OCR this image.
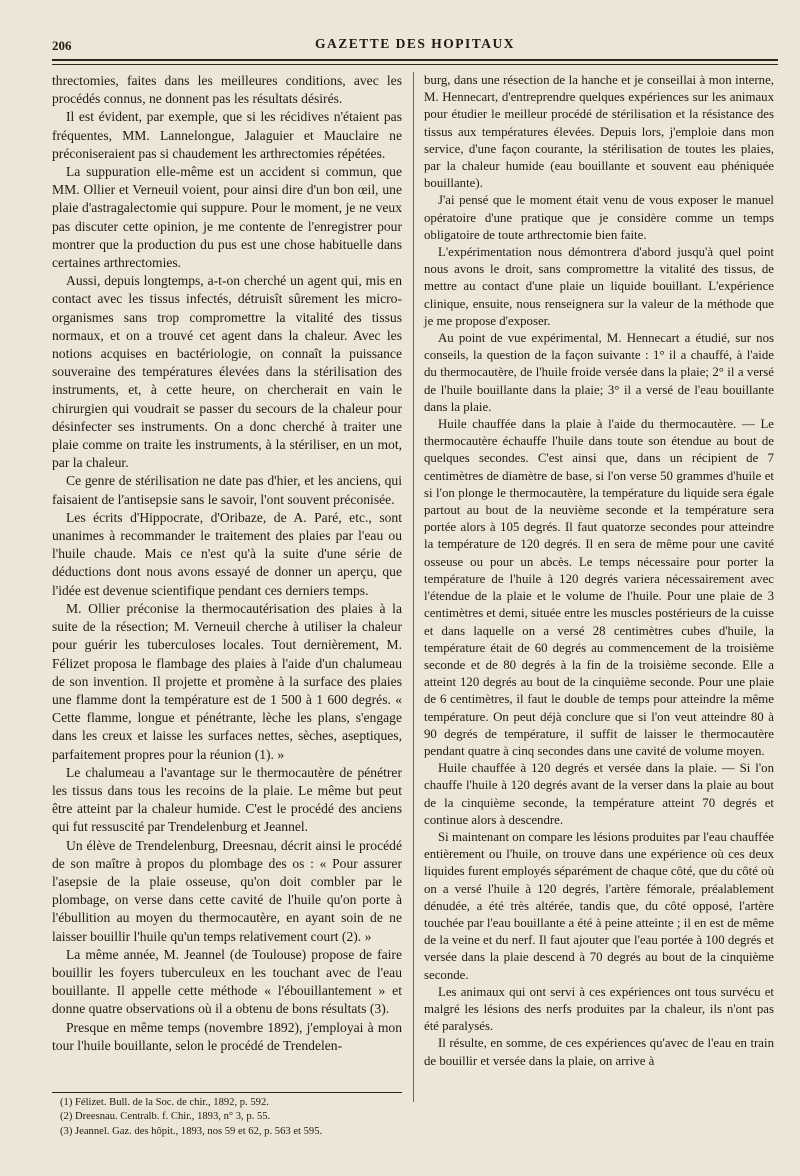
206	GAZETTE DES HOPITAUX

threctomies, faites dans les meilleures conditions, avec les procédés connus, ne donnent pas les résultats désirés.

Il est évident, par exemple, que si les récidives n'étaient pas fréquentes, MM. Lannelongue, Jalaguier et Mauclaire ne préconiseraient pas si chaudement les arthrectomies répétées.

La suppuration elle-même est un accident si commun, que MM. Ollier et Verneuil voient, pour ainsi dire d'un bon œil, une plaie d'astragalectomie qui suppure. Pour le moment, je ne veux pas discuter cette opinion, je me contente de l'enregistrer pour montrer que la production du pus est une chose habituelle dans certaines arthrectomies.

Aussi, depuis longtemps, a-t-on cherché un agent qui, mis en contact avec les tissus infectés, détruisît sûrement les micro-organismes sans trop compromettre la vitalité des tissus normaux, et on a trouvé cet agent dans la chaleur. Avec les notions acquises en bactériologie, on connaît la puissance souveraine des températures élevées dans la stérilisation des instruments, et, à cette heure, on chercherait en vain le chirurgien qui voudrait se passer du secours de la chaleur pour désinfecter ses instruments. On a donc cherché à traiter une plaie comme on traite les instruments, à la stériliser, en un mot, par la chaleur.

Ce genre de stérilisation ne date pas d'hier, et les anciens, qui faisaient de l'antisepsie sans le savoir, l'ont souvent préconisée.

Les écrits d'Hippocrate, d'Oribaze, de A. Paré, etc., sont unanimes à recommander le traitement des plaies par l'eau ou l'huile chaude. Mais ce n'est qu'à la suite d'une série de déductions dont nous avons essayé de donner un aperçu, que l'idée est devenue scientifique pendant ces derniers temps.

M. Ollier préconise la thermocautérisation des plaies à la suite de la résection; M. Verneuil cherche à utiliser la chaleur pour guérir les tuberculoses locales. Tout dernièrement, M. Félizet proposa le flambage des plaies à l'aide d'un chalumeau de son invention. Il projette et promène à la surface des plaies une flamme dont la température est de 1 500 à 1 600 degrés. « Cette flamme, longue et pénétrante, lèche les plans, s'engage dans les creux et laisse les surfaces nettes, sèches, aseptiques, parfaitement propres pour la réunion (1). »

Le chalumeau a l'avantage sur le thermocautère de pénétrer les tissus dans tous les recoins de la plaie. Le même but peut être atteint par la chaleur humide. C'est le procédé des anciens qui fut ressuscité par Trendelenburg et Jeannel.

Un élève de Trendelenburg, Dreesnau, décrit ainsi le procédé de son maître à propos du plombage des os : « Pour assurer l'asepsie de la plaie osseuse, qu'on doit combler par le plombage, on verse dans cette cavité de l'huile qu'on porte à l'ébullition au moyen du thermocautère, en ayant soin de ne laisser bouillir l'huile qu'un temps relativement court (2). »

La même année, M. Jeannel (de Toulouse) propose de faire bouillir les foyers tuberculeux en les touchant avec de l'eau bouillante. Il appelle cette méthode « l'ébouillantement » et donne quatre observations où il a obtenu de bons résultats (3).

Presque en même temps (novembre 1892), j'employai à mon tour l'huile bouillante, selon le procédé de Trendelen-

burg, dans une résection de la hanche et je conseillai à mon interne, M. Hennecart, d'entreprendre quelques expériences sur les animaux pour étudier le meilleur procédé de stérilisation et la résistance des tissus aux températures élevées. Depuis lors, j'emploie dans mon service, d'une façon courante, la stérilisation de toutes les plaies, par la chaleur humide (eau bouillante et souvent eau phéniquée bouillante).

J'ai pensé que le moment était venu de vous exposer le manuel opératoire d'une pratique que je considère comme un temps obligatoire de toute arthrectomie bien faite.

L'expérimentation nous démontrera d'abord jusqu'à quel point nous avons le droit, sans compromettre la vitalité des tissus, de mettre au contact d'une plaie un liquide bouillant. L'expérience clinique, ensuite, nous renseignera sur la valeur de la méthode que je me propose d'exposer.

Au point de vue expérimental, M. Hennecart a étudié, sur nos conseils, la question de la façon suivante : 1° il a chauffé, à l'aide du thermocautère, de l'huile froide versée dans la plaie; 2° il a versé de l'huile bouillante dans la plaie; 3° il a versé de l'eau bouillante dans la plaie.

Huile chauffée dans la plaie à l'aide du thermocautère. — Le thermocautère échauffe l'huile dans toute son étendue au bout de quelques secondes. C'est ainsi que, dans un récipient de 7 centimètres de diamètre de base, si l'on verse 50 grammes d'huile et si l'on plonge le thermocautère, la température du liquide sera égale partout au bout de la neuvième seconde et la température sera portée alors à 105 degrés. Il faut quatorze secondes pour atteindre la température de 120 degrés. Il en sera de même pour une cavité osseuse ou pour un abcès. Le temps nécessaire pour porter la température de l'huile à 120 degrés variera nécessairement avec l'étendue de la plaie et le volume de l'huile. Pour une plaie de 3 centimètres et demi, située entre les muscles postérieurs de la cuisse et dans laquelle on a versé 28 centimètres cubes d'huile, la température était de 60 degrés au commencement de la troisième seconde et de 80 degrés à la fin de la troisième seconde. Elle a atteint 120 degrés au bout de la cinquième seconde. Pour une plaie de 6 centimètres, il faut le double de temps pour atteindre la même température. On peut déjà conclure que si l'on veut atteindre 80 à 90 degrés de température, il suffit de laisser le thermocautère pendant quatre à cinq secondes dans une cavité de volume moyen.

Huile chauffée à 120 degrés et versée dans la plaie. — Si l'on chauffe l'huile à 120 degrés avant de la verser dans la plaie au bout de la cinquième seconde, la température atteint 70 degrés et continue alors à descendre.

Si maintenant on compare les lésions produites par l'eau chauffée entièrement ou l'huile, on trouve dans une expérience où ces deux liquides furent employés séparément de chaque côté, que du côté où on a versé l'huile à 120 degrés, l'artère fémorale, préalablement dénudée, a été très altérée, tandis que, du côté opposé, l'artère touchée par l'eau bouillante a été à peine atteinte ; il en est de même de la veine et du nerf. Il faut ajouter que l'eau portée à 100 degrés et versée dans la plaie descend à 70 degrés au bout de la cinquième seconde.

Les animaux qui ont servi à ces expériences ont tous survécu et malgré les lésions des nerfs produites par la chaleur, ils n'ont pas été paralysés.

Il résulte, en somme, de ces expériences qu'avec de l'eau en train de bouillir et versée dans la plaie, on arrive à

(1) Félizet. Bull. de la Soc. de chir., 1892, p. 592.
(2) Dreesnau. Centralb. f. Chir., 1893, n° 3, p. 55.
(3) Jeannel. Gaz. des hôpit., 1893, nos 59 et 62, p. 563 et 595.
